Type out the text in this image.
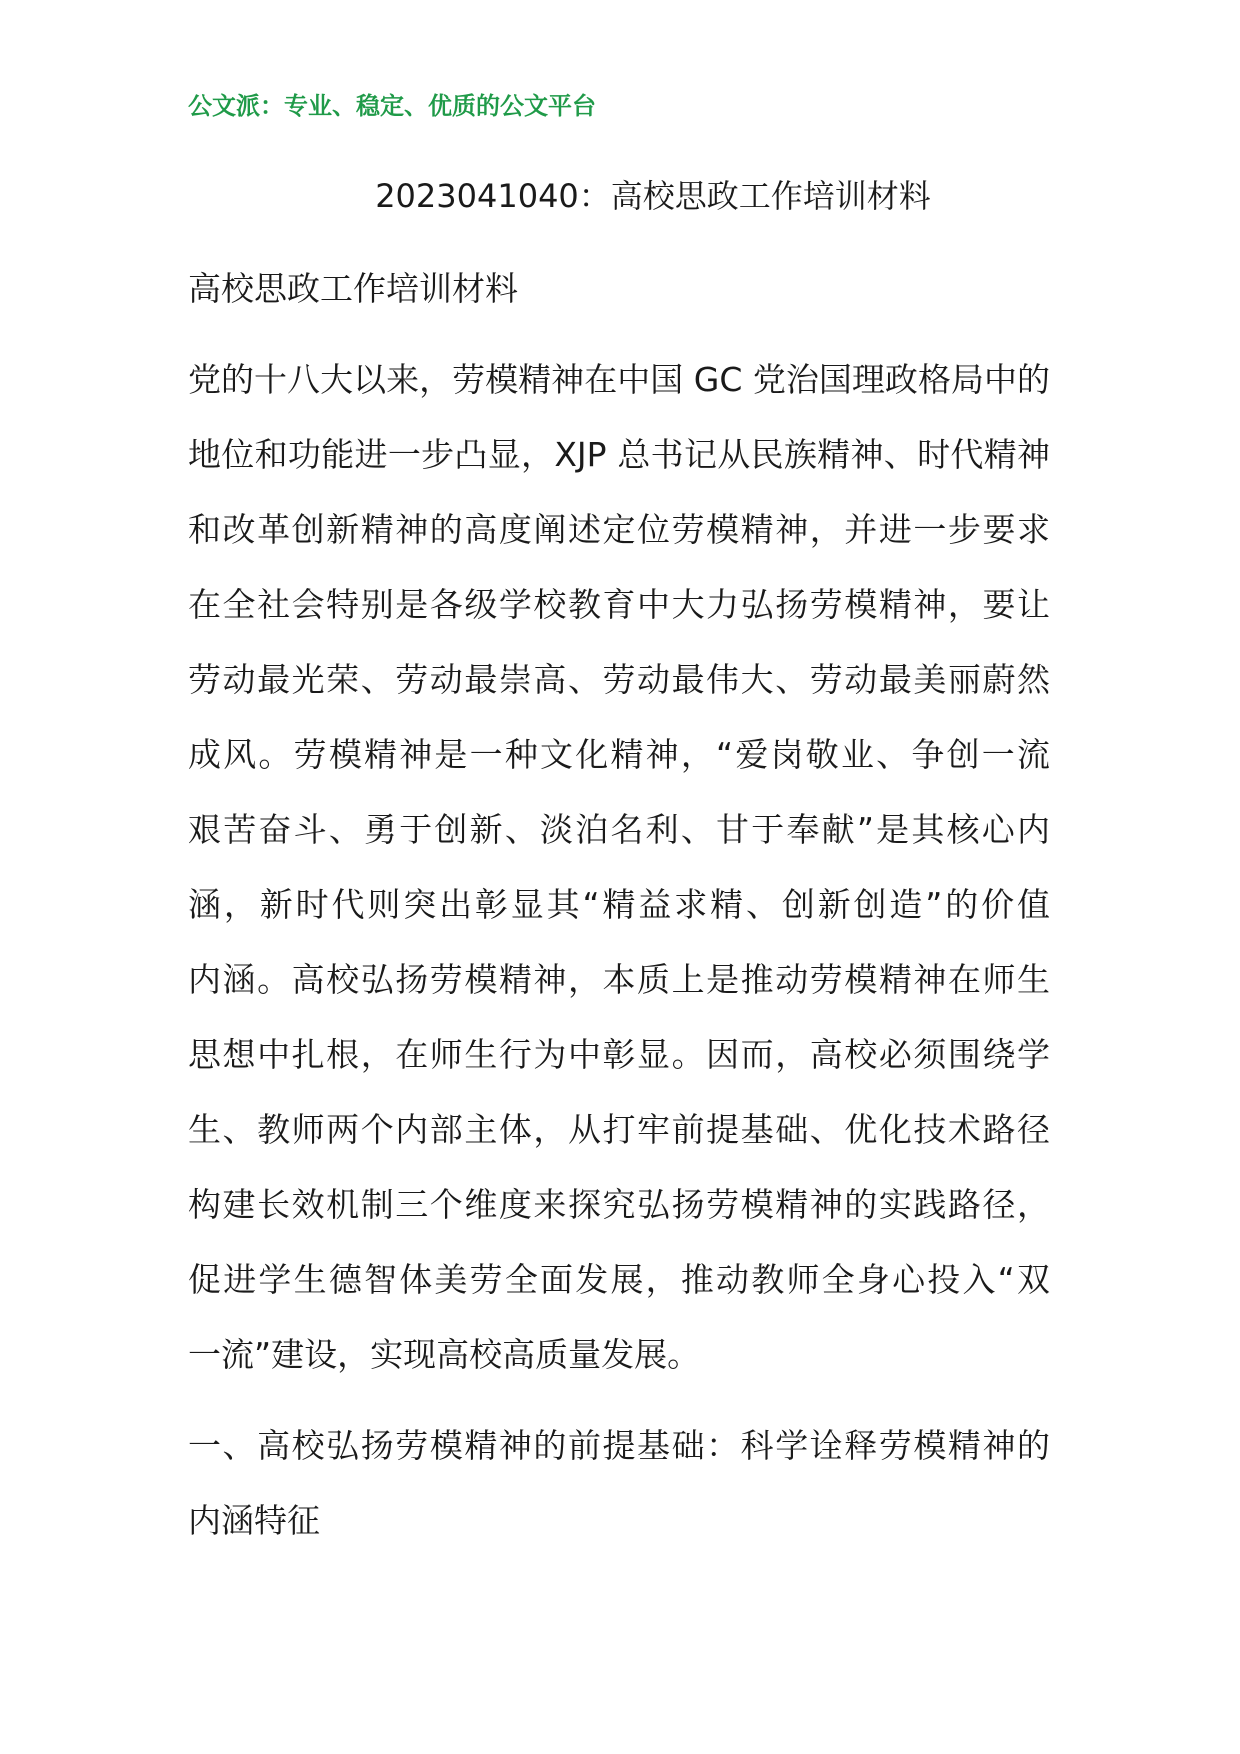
公文派：专业、稳定、优质的公文平台
2023041040：高校思政工作培训材料
高校思政工作培训材料
党的十八大以来，劳模精神在中国 GC 党治国理政格局中的
地位和功能进一步凸显，XJP 总书记从民族精神、时代精神
和改革创新精神的高度阐述定位劳模精神，并进一步要求
在全社会特别是各级学校教育中大力弘扬劳模精神，要让
劳动最光荣、劳动最崇高、劳动最伟大、劳动最美丽蔚然
成风。劳模精神是一种文化精神，“爱岗敬业、争创一流
艰苦奋斗、勇于创新、淡泊名利、甘于奉献”是其核心内
涵，新时代则突出彰显其“精益求精、创新创造”的价值
内涵。高校弘扬劳模精神，本质上是推动劳模精神在师生
思想中扎根，在师生行为中彰显。因而，高校必须围绕学
生、教师两个内部主体，从打牢前提基础、优化技术路径
构建长效机制三个维度来探究弘扬劳模精神的实践路径，
促进学生德智体美劳全面发展，推动教师全身心投入“双
一流”建设，实现高校高质量发展。
一、高校弘扬劳模精神的前提基础：科学诠释劳模精神的
内涵特征
